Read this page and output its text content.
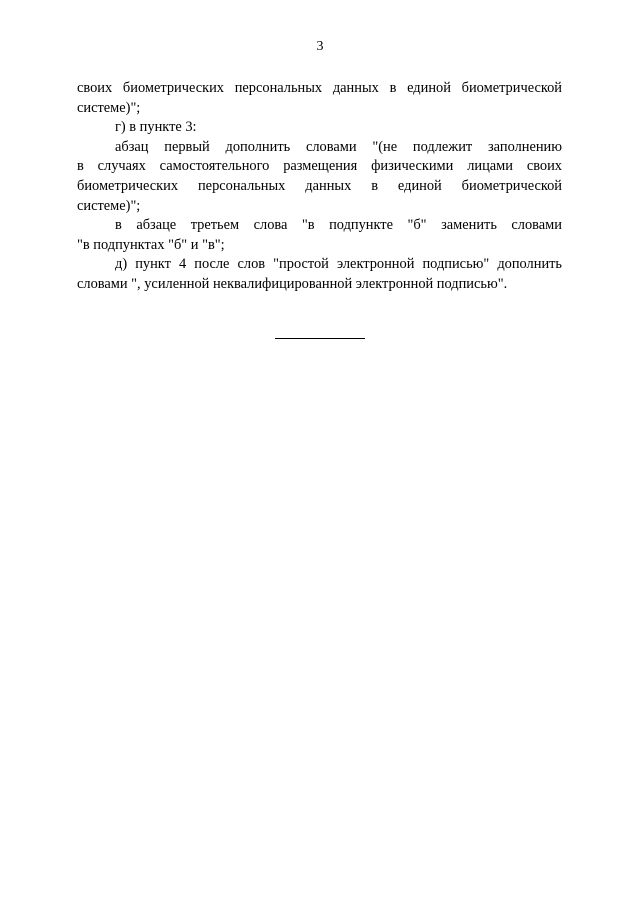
3
своих биометрических персональных данных в единой биометрической
системе)";
г) в пункте 3:
абзац первый дополнить словами "(не подлежит заполнению
в случаях самостоятельного размещения физическими лицами своих
биометрических персональных данных в единой биометрической
системе)";
в абзаце третьем слова "в подпункте "б" заменить словами
"в подпунктах "б" и "в";
д) пункт 4 после слов "простой электронной подписью" дополнить
словами ", усиленной неквалифицированной электронной подписью".
